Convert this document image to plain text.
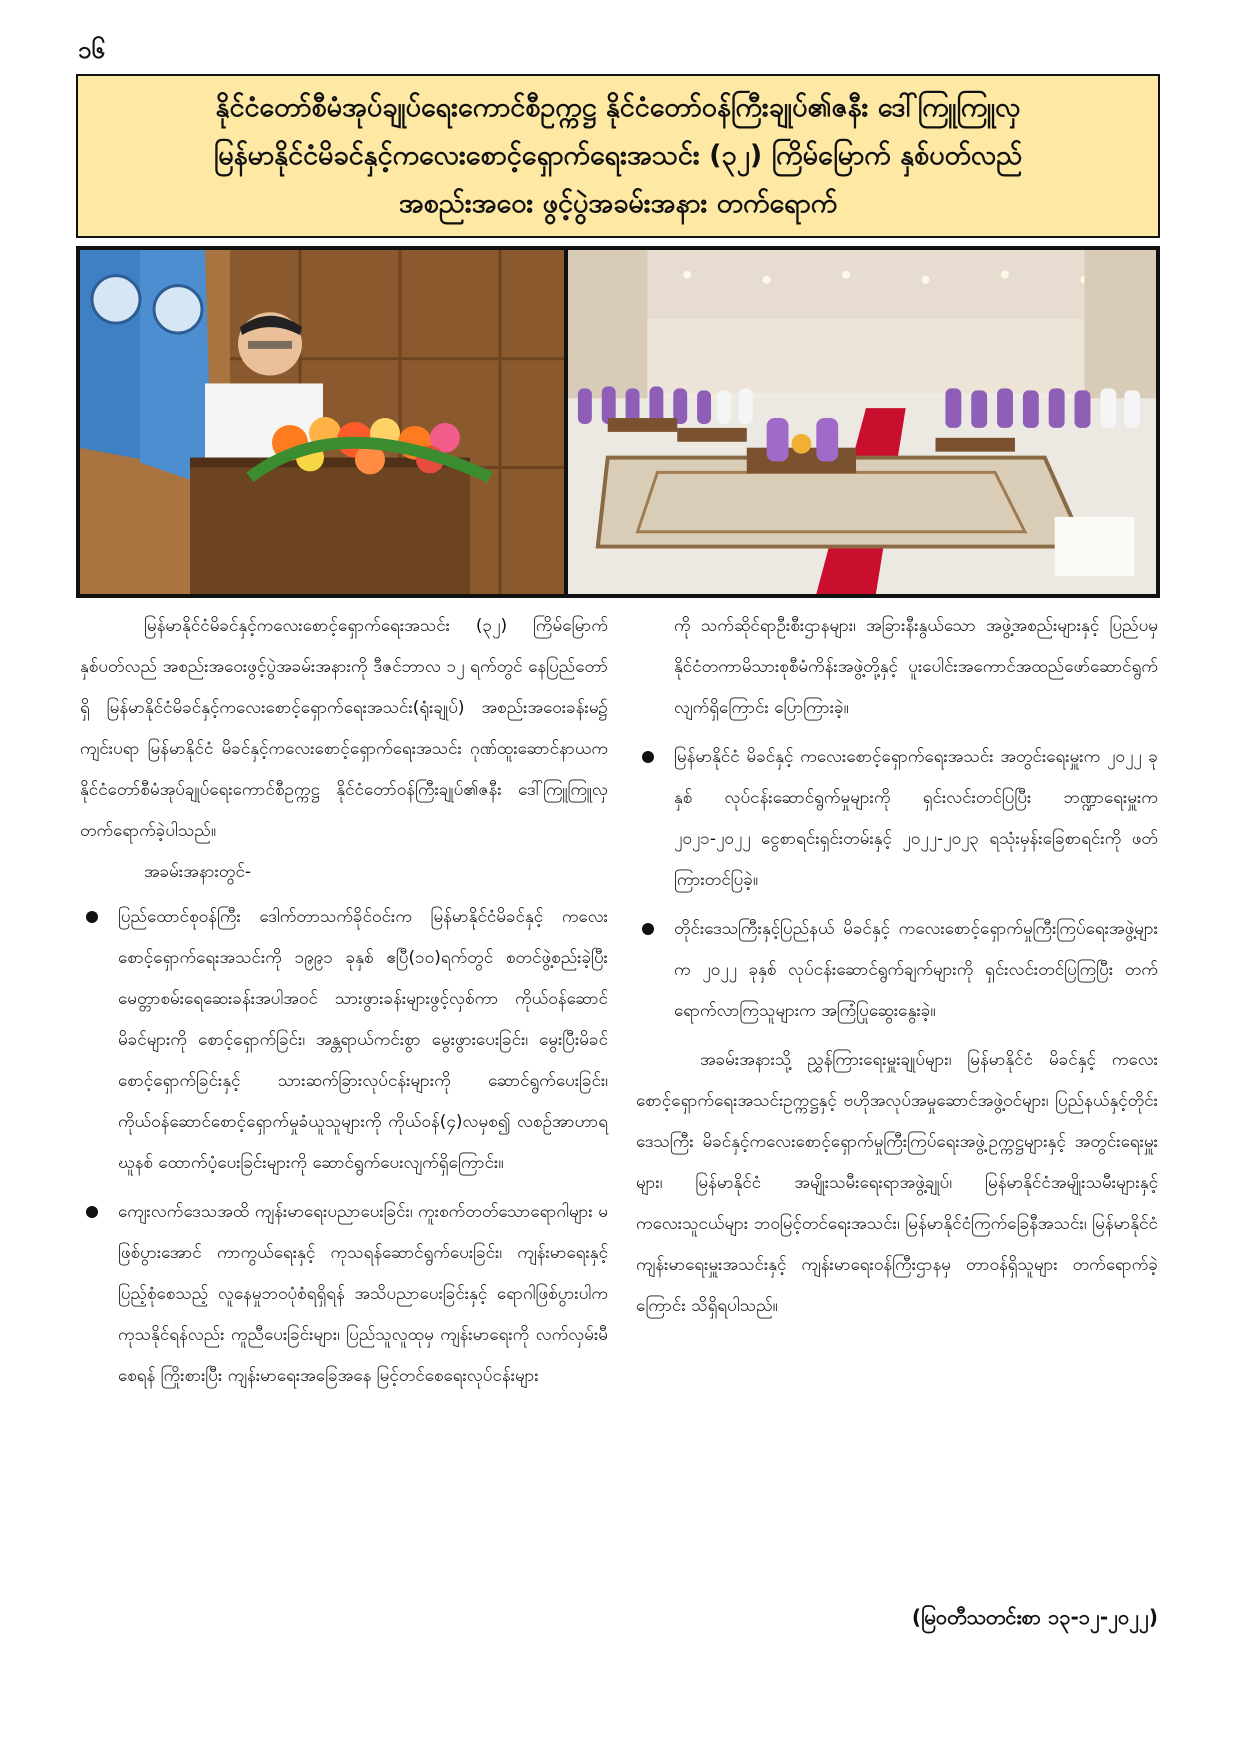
၁၆
နိုင်ငံတော်စီမံအုပ်ချုပ်ရေးကောင်စီဥက္ကဋ္ဌ နိုင်ငံတော်ဝန်ကြီးချုပ်၏ဇနီး ဒေါ်ကြူကြူလှ
မြန်မာနိုင်ငံမိခင်နှင့်ကလေးစောင့်ရှောက်ရေးအသင်း (၃၂) ကြိမ်မြောက် နှစ်ပတ်လည်
အစည်းအဝေး ဖွင့်ပွဲအခမ်းအနား တက်ရောက်

မြန်မာနိုင်ငံမိခင်နှင့်ကလေးစောင့်ရှောက်ရေးအသင်း (၃၂) ကြိမ်မြောက်နှစ်ပတ်လည် အစည်းအဝေးဖွင့်ပွဲအခမ်းအနားကို ဒီဇင်ဘာလ ၁၂ ရက်တွင် နေပြည်တော်ရှိ မြန်မာနိုင်ငံမိခင်နှင့်ကလေးစောင့်ရှောက်ရေးအသင်း(ရုံးချုပ်) အစည်းအဝေးခန်းမ၌ ကျင်းပရာ မြန်မာနိုင်ငံ မိခင်နှင့်ကလေးစောင့်ရှောက်ရေးအသင်း ဂုဏ်ထူးဆောင်နာယက နိုင်ငံတော်စီမံအုပ်ချုပ်ရေးကောင်စီဥက္ကဋ္ဌ နိုင်ငံတော်ဝန်ကြီးချုပ်၏ဇနီး ဒေါ်ကြူကြူလှ တက်ရောက်ခဲ့ပါသည်။

အခမ်းအနားတွင်-

ပြည်ထောင်စုဝန်ကြီး ဒေါက်တာသက်ခိုင်ဝင်းက မြန်မာနိုင်ငံမိခင်နှင့် ကလေးစောင့်ရှောက်ရေးအသင်းကို ၁၉၉၁ ခုနှစ် ဧပြီ(၁၀)ရက်တွင် စတင်ဖွဲ့စည်းခဲ့ပြီး မေတ္တာစမ်းရေဆေးခန်းအပါအဝင် သားဖွားခန်းများဖွင့်လှစ်ကာ ကိုယ်ဝန်ဆောင်မိခင်များကို စောင့်ရှောက်ခြင်း၊ အန္တရာယ်ကင်းစွာ မွေးဖွားပေးခြင်း၊ မွေးပြီးမိခင်စောင့်ရှောက်ခြင်းနှင့် သားဆက်ခြားလုပ်ငန်းများကို ဆောင်ရွက်ပေးခြင်း၊ ကိုယ်ဝန်ဆောင်စောင့်ရှောက်မှုခံယူသူများကို ကိုယ်ဝန်(၄)လမှစ၍ လစဉ်အာဟာရဃူနစ် ထောက်ပံ့ပေးခြင်းများကို ဆောင်ရွက်ပေးလျက်ရှိကြောင်း။
ကျေးလက်ဒေသအထိ ကျန်းမာရေးပညာပေးခြင်း၊ ကူးစက်တတ်သောရောဂါများ မဖြစ်ပွားအောင် ကာကွယ်ရေးနှင့် ကုသရန်ဆောင်ရွက်ပေးခြင်း၊ ကျန်းမာရေးနှင့်ပြည့်စုံစေသည့် လူနေမှုဘဝပုံစံရရှိရန် အသိပညာပေးခြင်းနှင့် ရောဂါဖြစ်ပွားပါက ကုသနိုင်ရန်လည်း ကူညီပေးခြင်းများ၊ ပြည်သူလူထုမှ ကျန်းမာရေးကို လက်လှမ်းမီစေရန် ကြိုးစားပြီး ကျန်းမာရေးအခြေအနေ မြင့်တင်စေရေးလုပ်ငန်းများ

ကို သက်ဆိုင်ရာဦးစီးဌာနများ၊ အခြားနီးနွယ်သော အဖွဲ့အစည်းများနှင့် ပြည်ပမှ နိုင်ငံတကာမိသားစုစီမံကိန်းအဖွဲ့တို့နှင့် ပူးပေါင်းအကောင်အထည်ဖော်ဆောင်ရွက်လျက်ရှိကြောင်း ပြောကြားခဲ့။

မြန်မာနိုင်ငံ မိခင်နှင့် ကလေးစောင့်ရှောက်ရေးအသင်း အတွင်းရေးမှူးက ၂၀၂၂ ခုနှစ် လုပ်ငန်းဆောင်ရွက်မှုများကို ရှင်းလင်းတင်ပြပြီး ဘဏ္ဍာရေးမှူးက ၂၀၂၁-၂၀၂၂ ငွေစာရင်းရှင်းတမ်းနှင့် ၂၀၂၂-၂၀၂၃ ရသုံးမှန်းခြေစာရင်းကို ဖတ်ကြားတင်ပြခဲ့။
တိုင်းဒေသကြီးနှင့်ပြည်နယ် မိခင်နှင့် ကလေးစောင့်ရှောက်မှုကြီးကြပ်ရေးအဖွဲ့များက ၂၀၂၂ ခုနှစ် လုပ်ငန်းဆောင်ရွက်ချက်များကို ရှင်းလင်းတင်ပြကြပြီး တက်ရောက်လာကြသူများက အကြံပြုဆွေးနွေးခဲ့။

အခမ်းအနားသို့ ညွှန်ကြားရေးမှူးချုပ်များ၊ မြန်မာနိုင်ငံ မိခင်နှင့် ကလေးစောင့်ရှောက်ရေးအသင်းဥက္ကဋ္ဌနှင့် ဗဟိုအလုပ်အမှုဆောင်အဖွဲ့ဝင်များ၊ ပြည်နယ်နှင့်တိုင်းဒေသကြီး မိခင်နှင့်ကလေးစောင့်ရှောက်မှုကြီးကြပ်ရေးအဖွဲ့ဥက္ကဋ္ဌများနှင့် အတွင်းရေးမှူးများ၊ မြန်မာနိုင်ငံ အမျိုးသမီးရေးရာအဖွဲ့ချုပ်၊ မြန်မာနိုင်ငံအမျိုးသမီးများနှင့် ကလေးသူငယ်များ ဘဝမြင့်တင်ရေးအသင်း၊ မြန်မာနိုင်ငံကြက်ခြေနီအသင်း၊ မြန်မာနိုင်ငံကျန်းမာရေးမှူးအသင်းနှင့် ကျန်းမာရေးဝန်ကြီးဌာနမှ တာဝန်ရှိသူများ တက်ရောက်ခဲ့ကြောင်း သိရှိရပါသည်။

(မြဝတီသတင်းစာ ၁၃-၁၂-၂၀၂၂)
